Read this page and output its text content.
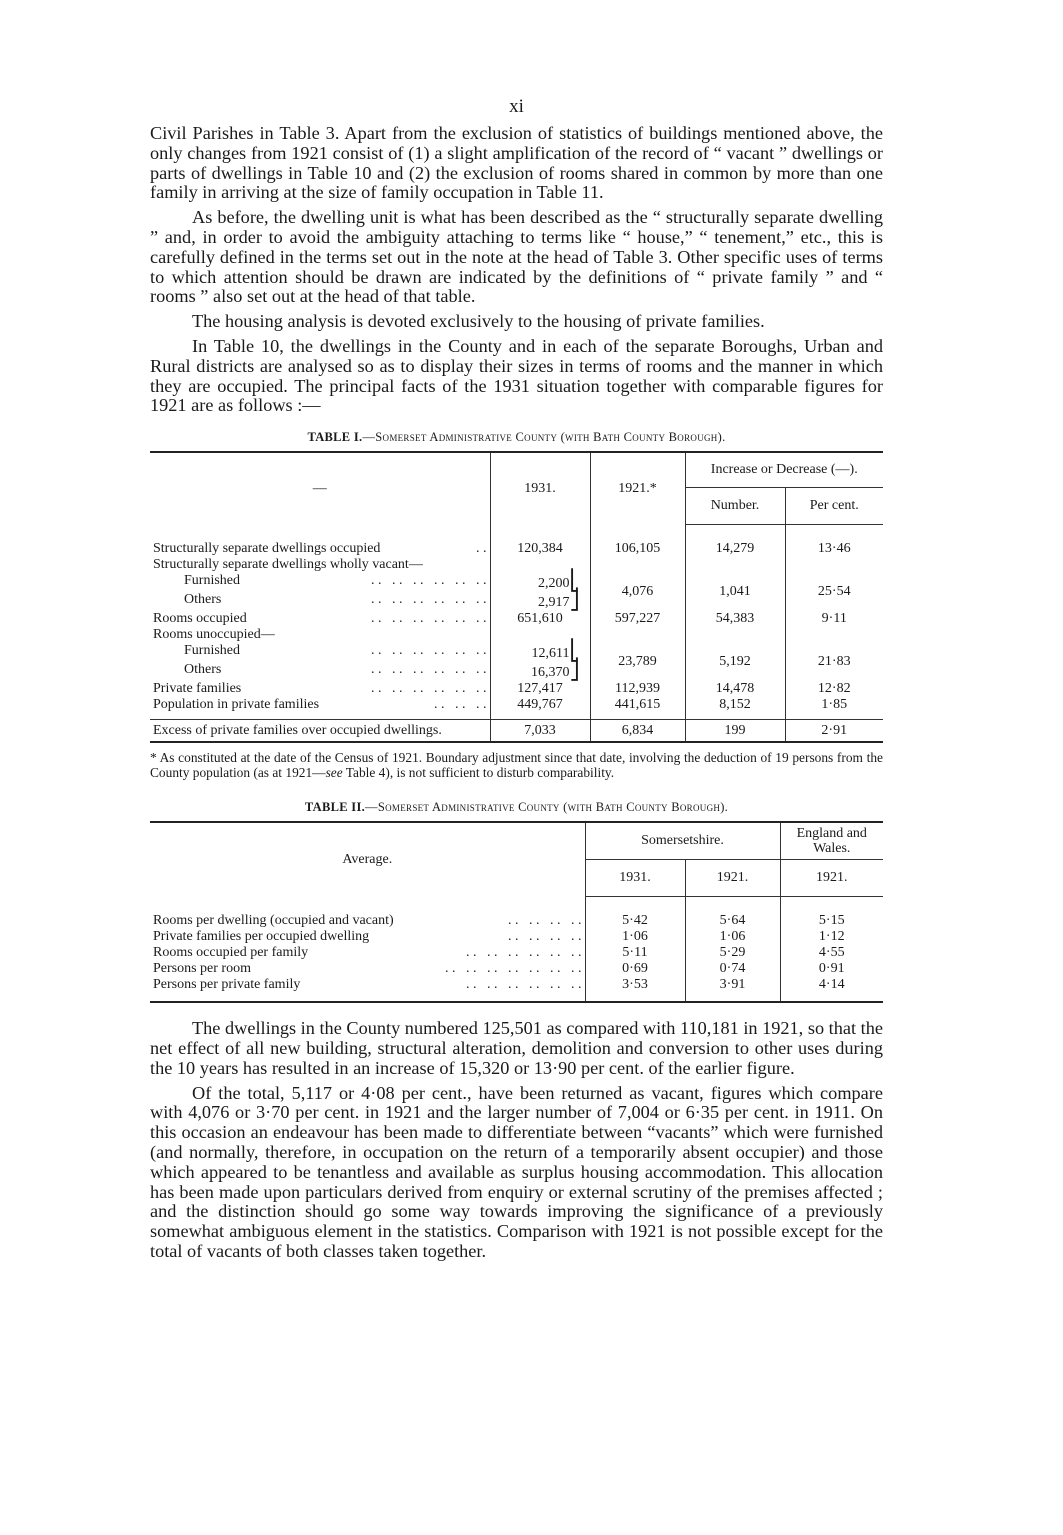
xi

Civil Parishes in Table 3. Apart from the exclusion of statistics of buildings mentioned above, the only changes from 1921 consist of (1) a slight amplification of the record of “ vacant ” dwellings or parts of dwellings in Table 10 and (2) the exclusion of rooms shared in common by more than one family in arriving at the size of family occupation in Table 11.

As before, the dwelling unit is what has been described as the “ structurally separate dwelling ” and, in order to avoid the ambiguity attaching to terms like “ house,” “ tenement,” etc., this is carefully defined in the terms set out in the note at the head of Table 3. Other specific uses of terms to which attention should be drawn are indicated by the definitions of “ private family ” and “ rooms ” also set out at the head of that table.

The housing analysis is devoted exclusively to the housing of private families.

In Table 10, the dwellings in the County and in each of the separate Boroughs, Urban and Rural districts are analysed so as to display their sizes in terms of rooms and the manner in which they are occupied. The principal facts of the 1931 situation together with comparable figures for 1921 are as follows :—

TABLE I.—Somerset Administrative County (with Bath County Borough).
—	1931.	1921.*	Increase or Decrease (—).	
			Number.	Per cent.

Structurally separate dwellings occupied . .	120,384	106,105	14,279	13·46
Structurally separate dwellings wholly vacant—				
Furnished . .   . .   . .   . .   . .   . .	2,200⎣	4,076	1,041	25·54
Others . .   . .   . .   . .   . .   . .	2,917⎦			
Rooms occupied . .   . .   . .   . .   . .   . .	651,610	597,227	54,383	9·11
Rooms unoccupied—				
Furnished . .   . .   . .   . .   . .   . .	12,611⎣	23,789	5,192	21·83
Others . .   . .   . .   . .   . .   . .	16,370⎦			
Private families . .   . .   . .   . .   . .   . .	127,417	112,939	14,478	12·82
Population in private families . .   . .   . .	449,767	441,615	8,152	1·85
Excess of private families over occupied dwellings.	7,033	6,834	199	2·91

* As constituted at the date of the Census of 1921. Boundary adjustment since that date, involving the deduction of 19 persons from the County population (as at 1921—see Table 4), is not sufficient to disturb comparability.
TABLE II.—Somerset Administrative County (with Bath County Borough).
Average.	Somersetshire.		England and Wales.
	1931.	1921.	1921.

Rooms per dwelling (occupied and vacant) . .   . .   . .   . .	5·42	5·64	5·15
Private families per occupied dwelling . .   . .   . .   . .	1·06	1·06	1·12
Rooms occupied per family . .   . .   . .   . .   . .   . .	5·11	5·29	4·55
Persons per room . .   . .   . .   . .   . .   . .   . .	0·69	0·74	0·91
Persons per private family . .   . .   . .   . .   . .   . .	3·53	3·91	4·14

The dwellings in the County numbered 125,501 as compared with 110,181 in 1921, so that the net effect of all new building, structural alteration, demolition and conversion to other uses during the 10 years has resulted in an increase of 15,320 or 13·90 per cent. of the earlier figure.

Of the total, 5,117 or 4·08 per cent., have been returned as vacant, figures which compare with 4,076 or 3·70 per cent. in 1921 and the larger number of 7,004 or 6·35 per cent. in 1911. On this occasion an endeavour has been made to differentiate between “vacants” which were furnished (and normally, therefore, in occupation on the return of a temporarily absent occupier) and those which appeared to be tenantless and available as surplus housing accommodation. This allocation has been made upon particulars derived from enquiry or external scrutiny of the premises affected ; and the distinction should go some way towards improving the significance of a previously somewhat ambiguous element in the statistics. Comparison with 1921 is not possible except for the total of vacants of both classes taken together.
